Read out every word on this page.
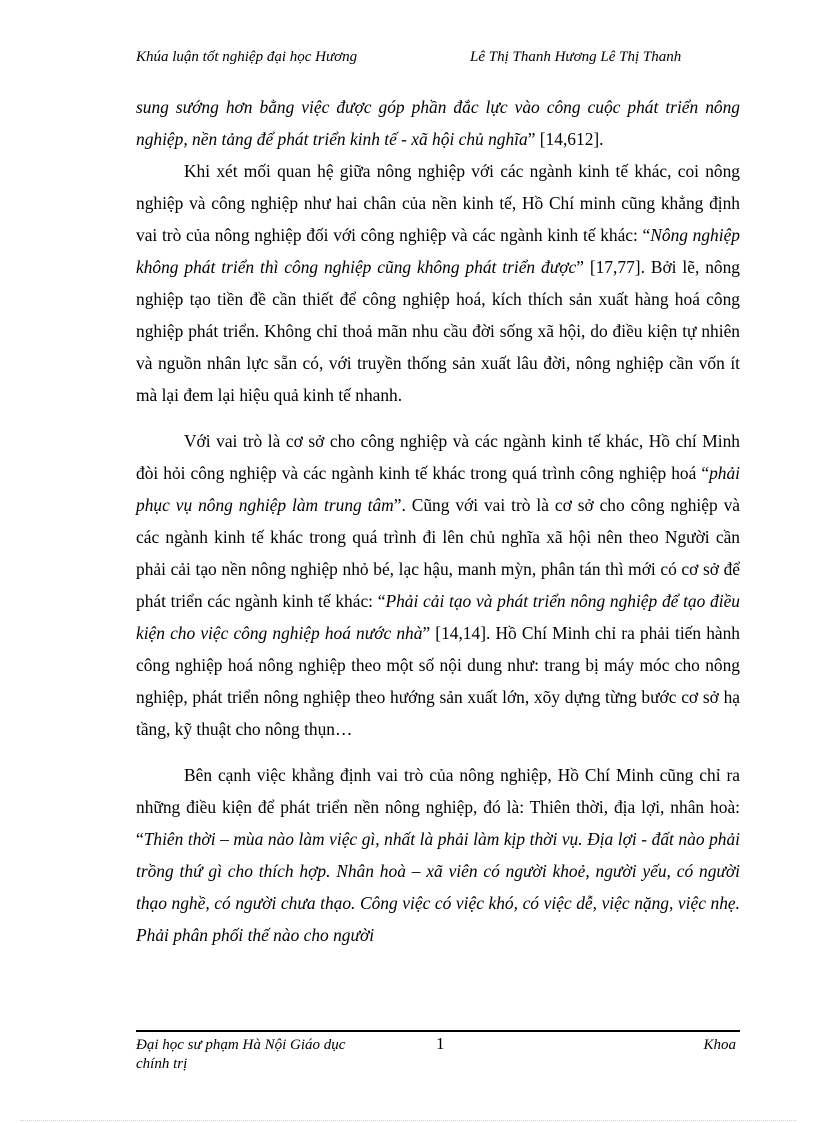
Khúa luận tốt nghiệp đại học Hương	Lê Thị Thanh Hương Lê Thị Thanh

sung sướng hơn bằng việc được góp phần đắc lực vào công cuộc phát triển nông nghiệp, nền tảng để phát triển kinh tế - xã hội chủ nghĩa” [14,612].

Khi xét mối quan hệ giữa nông nghiệp với các ngành kinh tế khác, coi nông nghiệp và công nghiệp như hai chân của nền kinh tế, Hồ Chí minh cũng khẳng định vai trò của nông nghiệp đối với công nghiệp và các ngành kinh tế khác: “Nông nghiệp không phát triển thì công nghiệp cũng không phát triển được” [17,77]. Bởi lẽ, nông nghiệp tạo tiền đề cần thiết để công nghiệp hoá, kích thích sản xuất hàng hoá công nghiệp phát triển. Không chỉ thoả mãn nhu cầu đời sống xã hội, do điều kiện tự nhiên và nguồn nhân lực sẵn có, với truyền thống sản xuất lâu đời, nông nghiệp cần vốn ít mà lại đem lại hiệu quả kinh tế nhanh.

Với vai trò là cơ sở cho công nghiệp và các ngành kinh tế khác, Hồ chí Minh đòi hỏi công nghiệp và các ngành kinh tế khác trong quá trình công nghiệp hoá “phải phục vụ nông nghiệp làm trung tâm”. Cũng với vai trò là cơ sở cho công nghiệp và các ngành kinh tế khác trong quá trình đi lên chủ nghĩa xã hội nên theo Người cần phải cải tạo nền nông nghiệp nhỏ bé, lạc hậu, manh mỳn, phân tán thì mới có cơ sở để phát triển các ngành kinh tế khác: “Phải cải tạo và phát triển nông nghiệp để tạo điều kiện cho việc công nghiệp hoá nước nhà” [14,14]. Hồ Chí Minh chỉ ra phải tiến hành công nghiệp hoá nông nghiệp theo một số nội dung như: trang bị máy móc cho nông nghiệp, phát triển nông nghiệp theo hướng sản xuất lớn, xõy dựng từng bước cơ sở hạ tầng, kỹ thuật cho nông thụn…

Bên cạnh việc khẳng định vai trò của nông nghiệp, Hồ Chí Minh cũng chỉ ra những điều kiện để phát triển nền nông nghiệp, đó là: Thiên thời, địa lợi, nhân hoà: “Thiên thời – mùa nào làm việc gì, nhất là phải làm kịp thời vụ. Địa lợi - đất nào phải trồng thứ gì cho thích hợp. Nhân hoà – xã viên có người khoẻ, người yếu, có người thạo nghề, có người chưa thạo. Công việc có việc khó, có việc dễ, việc nặng, việc nhẹ. Phải phân phối thế nào cho người

Đại học sư phạm Hà Nội Giáo dục chính trị
1	Khoa
